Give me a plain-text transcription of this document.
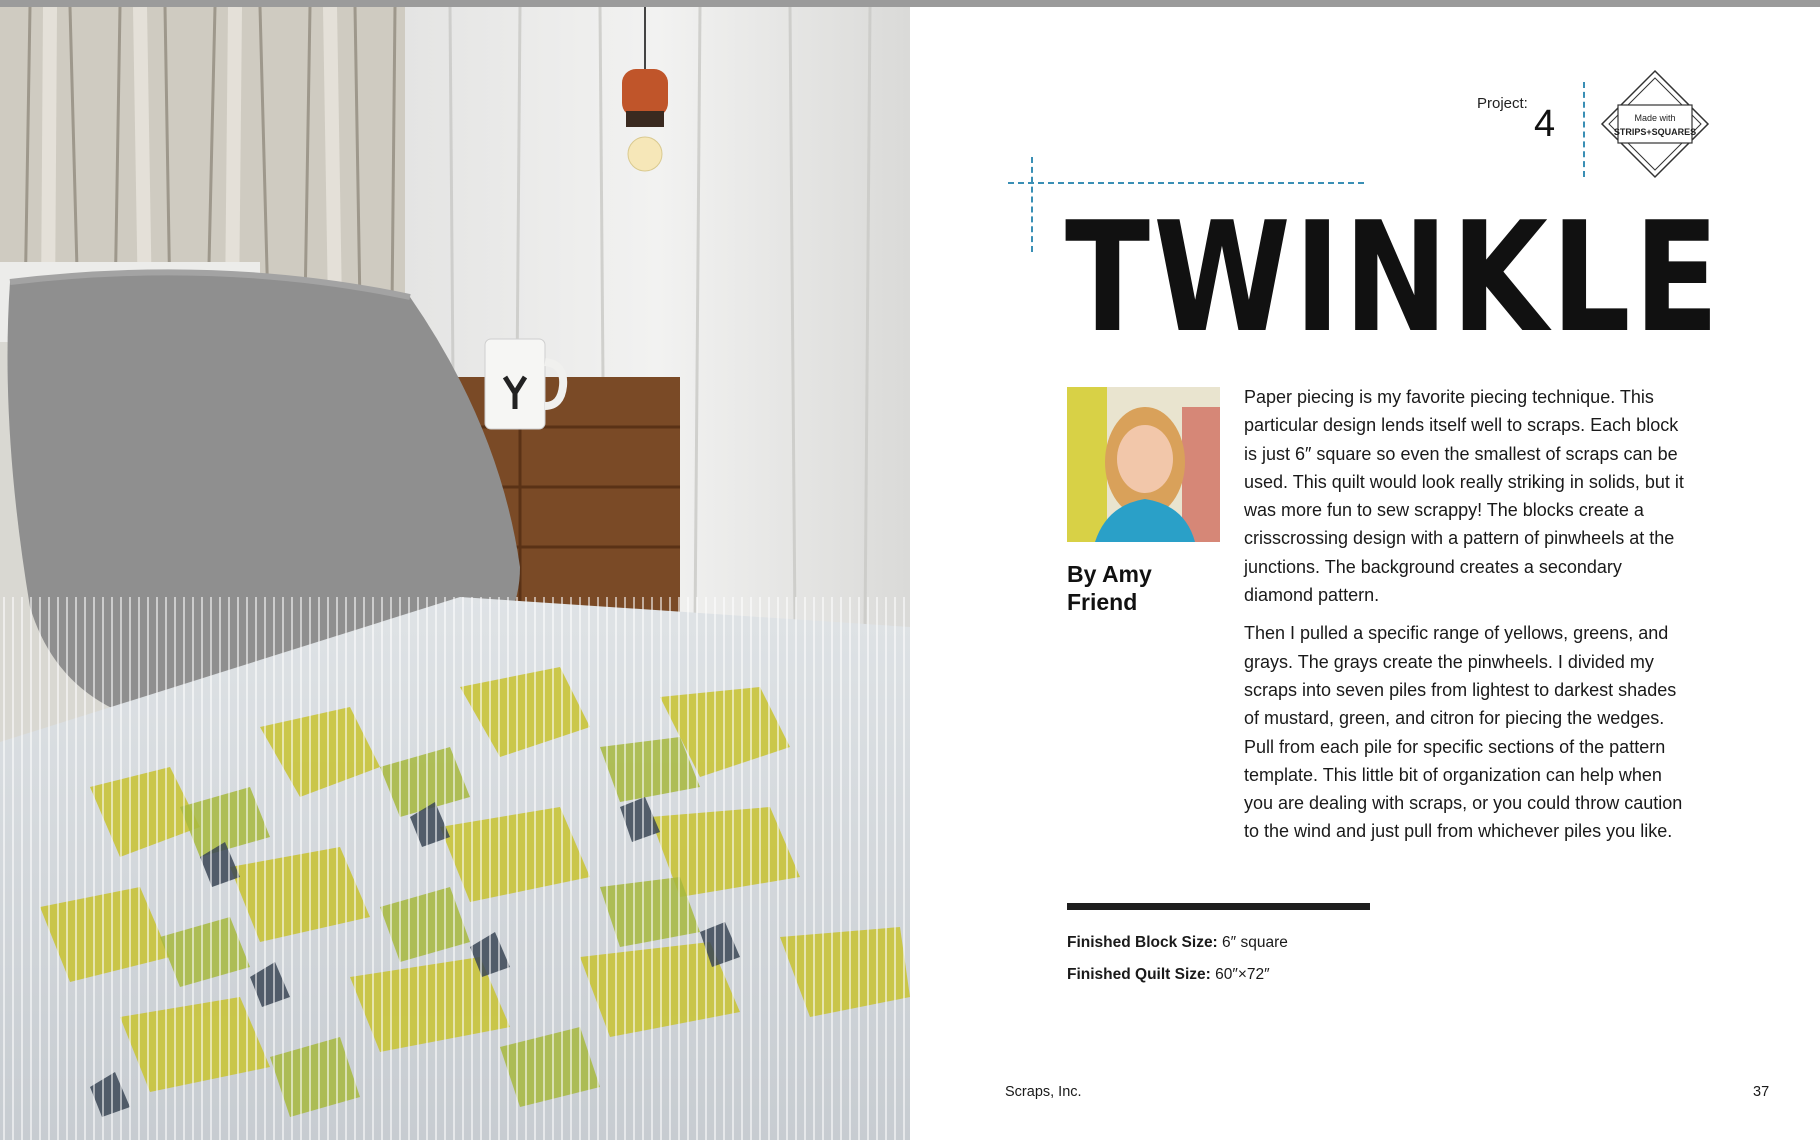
Project: 4	Made with
STRIPS+SQUARES
TWINKLE
By Amy
Friend

Paper piecing is my favorite piecing technique. This particular design lends itself well to scraps. Each block is just 6″ square so even the smallest of scraps can be used. This quilt would look really striking in solids, but it was more fun to sew scrappy! The blocks create a crisscrossing design with a pattern of pinwheels at the junctions. The background creates a secondary diamond pattern.

Then I pulled a specific range of yellows, greens, and grays. The grays create the pinwheels. I divided my scraps into seven piles from lightest to darkest shades of mustard, green, and citron for piecing the wedges. Pull from each pile for specific sections of the pattern template. This little bit of organization can help when you are dealing with scraps, or you could throw caution to the wind and just pull from whichever piles you like.

Finished Block Size: 6″ square
Finished Quilt Size: 60″×72″
Scraps, Inc.	37
